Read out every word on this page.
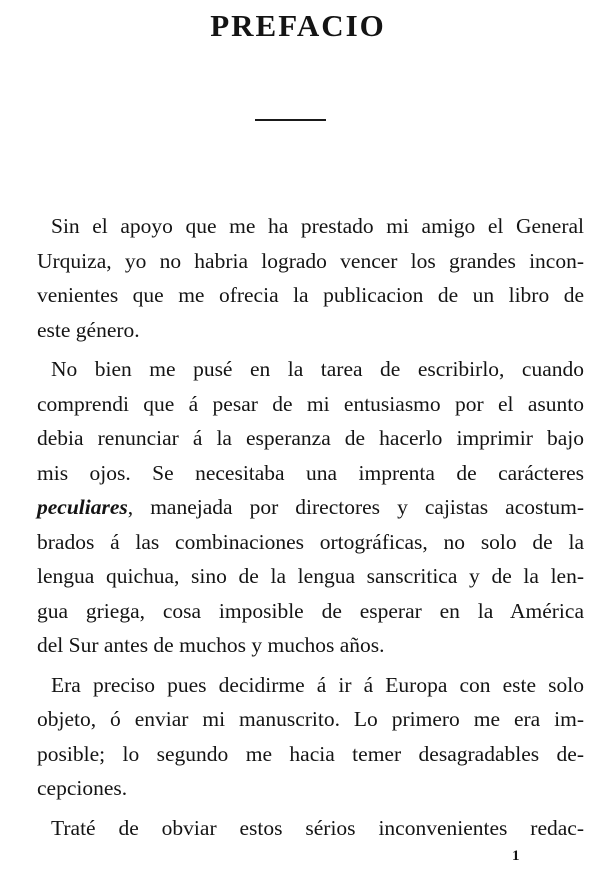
PREFACIO
Sin el apoyo que me ha prestado mi amigo el General
Urquiza, yo no habria logrado vencer los grandes incon-
venientes que me ofrecia la publicacion de un libro de
este género.
No bien me pusé en la tarea de escribirlo, cuando
comprendi que á pesar de mi entusiasmo por el asunto
debia renunciar á la esperanza de hacerlo imprimir bajo
mis ojos. Se necesitaba una imprenta de carácteres
peculiares, manejada por directores y cajistas acostum-
brados á las combinaciones ortográficas, no solo de la
lengua quichua, sino de la lengua sanscritica y de la len-
gua griega, cosa imposible de esperar en la América
del Sur antes de muchos y muchos años.
Era preciso pues decidirme á ir á Europa con este solo
objeto, ó enviar mi manuscrito. Lo primero me era im-
posible; lo segundo me hacia temer desagradables de-
cepciones.
Traté de obviar estos sérios inconvenientes redac-
1
